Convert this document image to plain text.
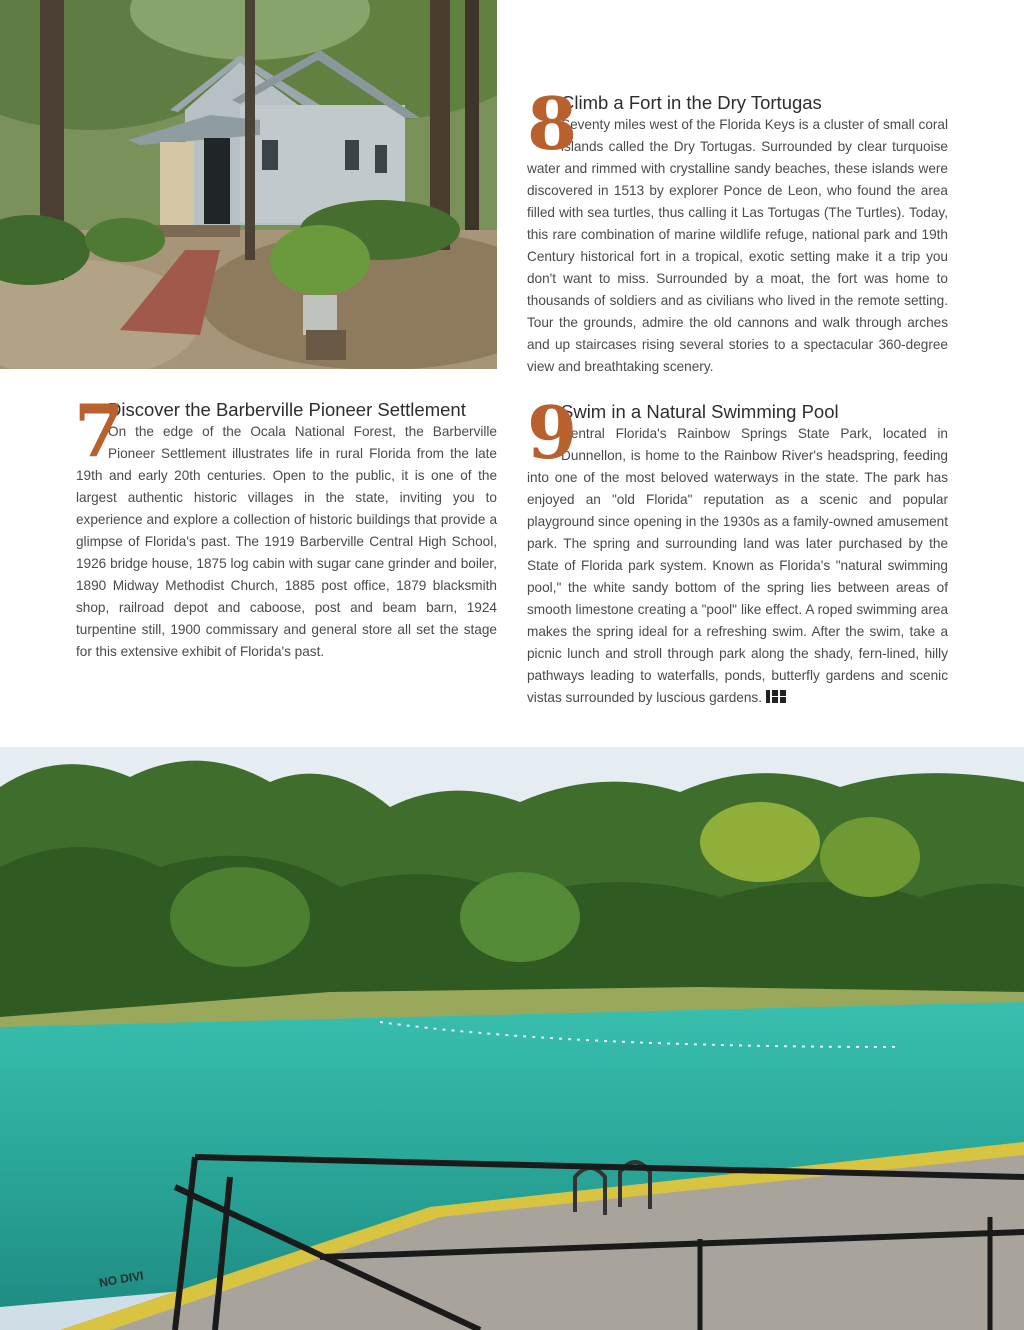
7
Discover the Barberville Pioneer Settlement

On the edge of the Ocala National Forest, the Barberville Pioneer Settlement illustrates life in rural Florida from the late 19th and early 20th centuries. Open to the public, it is one of the largest authentic historic villages in the state, inviting you to experience and explore a collection of historic buildings that provide a glimpse of Florida's past. The 1919 Barberville Central High School, 1926 bridge house, 1875 log cabin with sugar cane grinder and boiler, 1890 Midway Methodist Church, 1885 post office, 1879 blacksmith shop, railroad depot and caboose, post and beam barn, 1924 turpentine still, 1900 commissary and general store all set the stage for this extensive exhibit of Florida's past.

8
Climb a Fort in the Dry Tortugas

Seventy miles west of the Florida Keys is a cluster of small coral islands called the Dry Tortugas. Surrounded by clear turquoise water and rimmed with crystalline sandy beaches, these islands were discovered in 1513 by explorer Ponce de Leon, who found the area filled with sea turtles, thus calling it Las Tortugas (The Turtles). Today, this rare combination of marine wildlife refuge, national park and 19th Century historical fort in a tropical, exotic setting make it a trip you don't want to miss. Surrounded by a moat, the fort was home to thousands of soldiers and as civilians who lived in the remote setting. Tour the grounds, admire the old cannons and walk through arches and up staircases rising several stories to a spectacular 360-degree view and breathtaking scenery.

9
Swim in a Natural Swimming Pool

Central Florida's Rainbow Springs State Park, located in Dunnellon, is home to the Rainbow River's headspring, feeding into one of the most beloved waterways in the state. The park has enjoyed an "old Florida" reputation as a scenic and popular playground since opening in the 1930s as a family-owned amusement park. The spring and surrounding land was later purchased by the State of Florida park system. Known as Florida's "natural swimming pool," the white sandy bottom of the spring lies between areas of smooth limestone creating a "pool" like effect. A roped swimming area makes the spring ideal for a refreshing swim. After the swim, take a picnic lunch and stroll through park along the shady, fern-lined, hilly pathways leading to waterfalls, ponds, butterfly gardens and scenic vistas surrounded by luscious gardens.

NO DIVI
